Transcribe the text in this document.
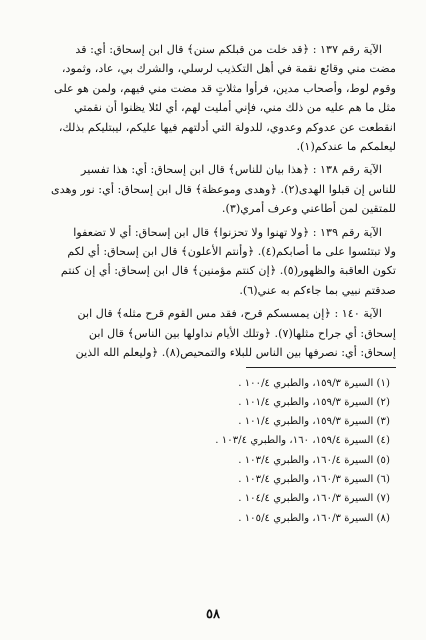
الآية رقم ١٣٧ : ﴿قد خلت من قبلكم سنن﴾ قال ابن إسحاق: أي: قد
مضت مني وقائع نقمة في أهل التكذيب لرسلي، والشرك بي، عاد، وثمود،
وقوم لوط، وأصحاب مدين، فرأوا مثلاتٍ قد مضت مني فيهم، ولمن هو على
مثل ما هم عليه من ذلك مني، فإني أمليت لهم، أي لئلا يظنوا أن نقمتي
انقطعت عن عدوكم وعدوي، للدولة التي أدلتهم فيها عليكم، ليبتليكم بذلك،
ليعلمكم ما عندكم(١).
الآية رقم ١٣٨ : ﴿هذا بيان للناس﴾ قال ابن إسحاق: أي: هذا تفسير
للناس إن قبلوا الهدى(٢). ﴿وهدى وموعظة﴾ قال ابن إسحاق: أي: نور وهدى
للمتقين لمن أطاعني وعرف أمري(٣).
الآية رقم ١٣٩ : ﴿ولا تهنوا ولا تحزنوا﴾ قال ابن إسحاق: أي لا تضعفوا
ولا تبتئسوا على ما أصابكم(٤). ﴿وأنتم الأعلون﴾ قال ابن إسحاق: أي لكم
تكون العاقبة والظهور(٥). ﴿إن كنتم مؤمنين﴾ قال ابن إسحاق: أي إن كنتم
صدقتم نبيي بما جاءكم به عني(٦).
الآية ١٤٠ : ﴿إن يمسسكم قرح، فقد مس القوم قرح مثله﴾ قال ابن
إسحاق: أي جراح مثلها(٧). ﴿وتلك الأيام نداولها بين الناس﴾ قال ابن
إسحاق: أي: نصرفها بين الناس للبلاء والتمحيص(٨). ﴿وليعلم الله الذين
(١) السيرة ١٥٩/٣، والطبري ١٠٠/٤ .
(٢) السيرة ١٥٩/٣، والطبري ١٠١/٤ .
(٣) السيرة ١٥٩/٣، والطبري ١٠١/٤ .
(٤) السيرة ١٥٩/٤، ١٦٠، والطبري ١٠٣/٤ .
(٥) السيرة ١٦٠/٤، والطبري ١٠٣/٤ .
(٦) السيرة ١٦٠/٣، والطبري ١٠٣/٤ .
(٧) السيرة ١٦٠/٣، والطبري ١٠٤/٤ .
(٨) السيرة ١٦٠/٣، والطبري ١٠٥/٤ .
٥٨
